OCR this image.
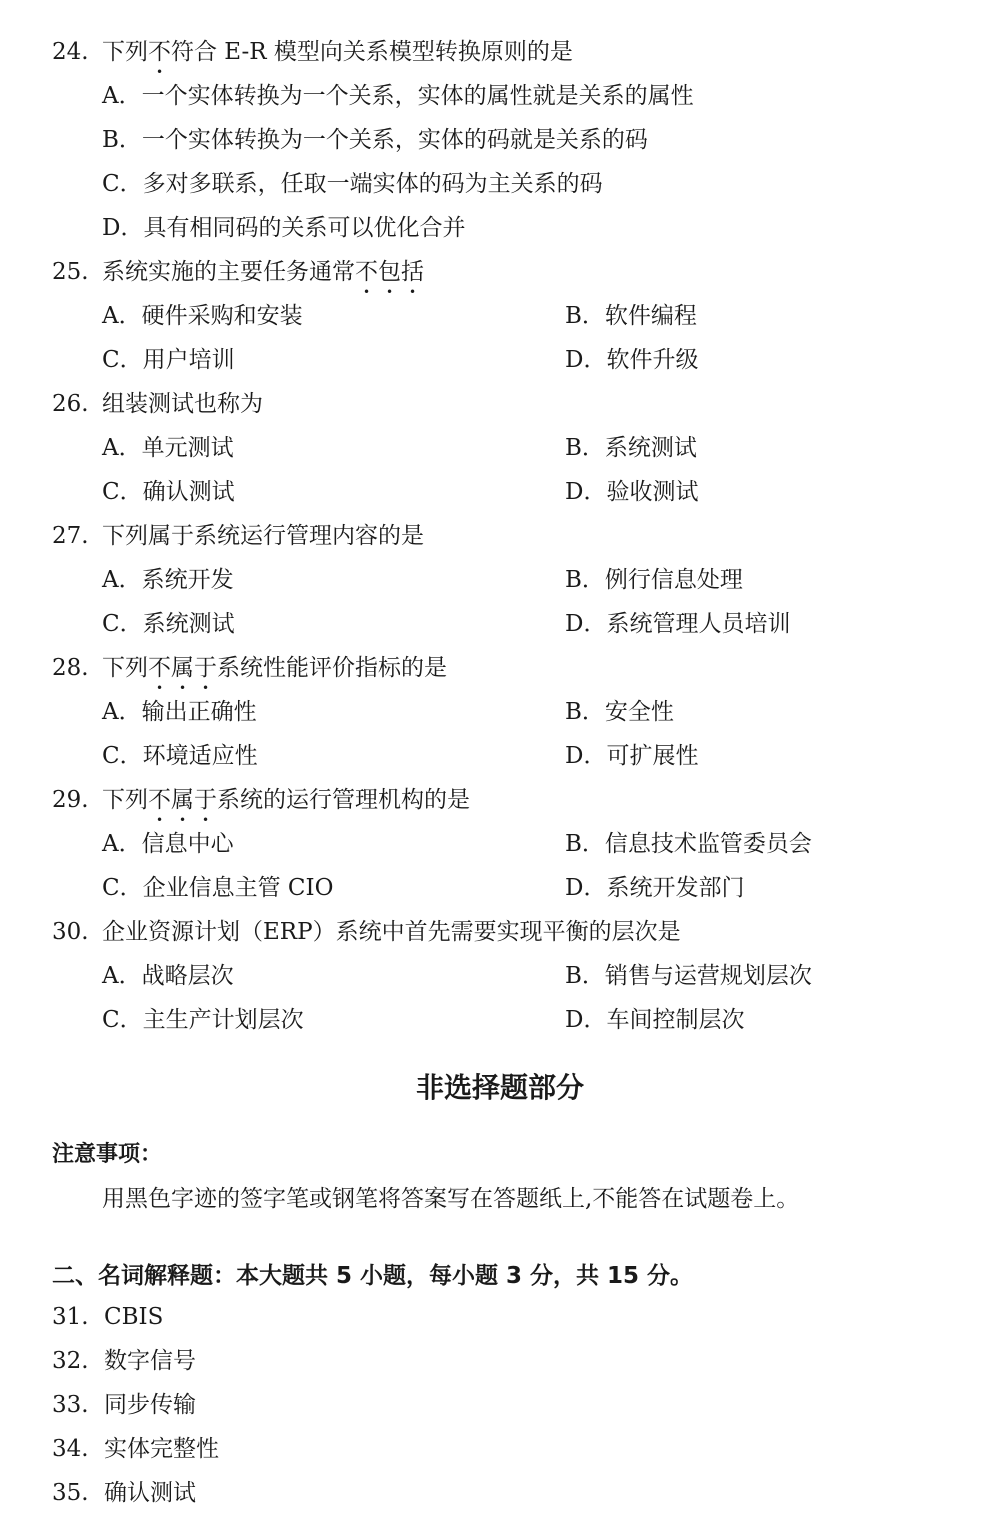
24. 下列不符合 E-R 模型向关系模型转换原则的是
A．一个实体转换为一个关系，实体的属性就是关系的属性
B．一个实体转换为一个关系，实体的码就是关系的码
C．多对多联系，任取一端实体的码为主关系的码
D．具有相同码的关系可以优化合并
25. 系统实施的主要任务通常不包括
A．硬件采购和安装	B．软件编程
C．用户培训	D．软件升级
26. 组装测试也称为
A．单元测试	B．系统测试
C．确认测试	D．验收测试
27. 下列属于系统运行管理内容的是
A．系统开发	B．例行信息处理
C．系统测试	D．系统管理人员培训
28. 下列不属于系统性能评价指标的是
A．输出正确性	B．安全性
C．环境适应性	D．可扩展性
29. 下列不属于系统的运行管理机构的是
A．信息中心	B．信息技术监管委员会
C．企业信息主管 CIO	D．系统开发部门
30. 企业资源计划（ERP）系统中首先需要实现平衡的层次是
A．战略层次	B．销售与运营规划层次
C．主生产计划层次	D．车间控制层次
非选择题部分
注意事项：
用黑色字迹的签字笔或钢笔将答案写在答题纸上,不能答在试题卷上。
二、名词解释题：本大题共 5 小题，每小题 3 分，共 15 分。
31. CBIS
32. 数字信号
33. 同步传输
34. 实体完整性
35. 确认测试
